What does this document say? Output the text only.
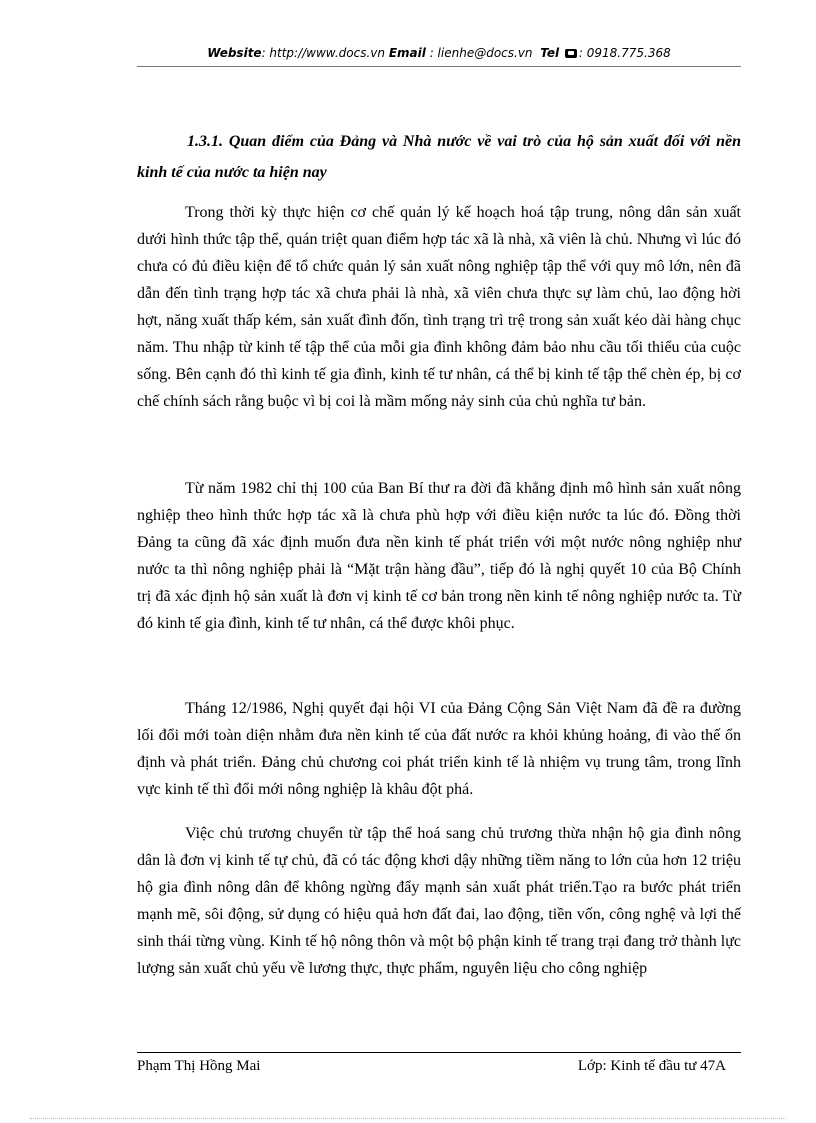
Website: http://www.docs.vn Email : lienhe@docs.vn Tel : 0918.775.368
1.3.1. Quan điểm của Đảng và Nhà nước về vai trò của hộ sản xuất đối với nền kinh tế của nước ta hiện nay

Trong thời kỳ thực hiện cơ chế quản lý kế hoạch hoá tập trung, nông dân sản xuất dưới hình thức tập thể, quán triệt quan điểm hợp tác xã là nhà, xã viên là chủ. Nhưng vì lúc đó chưa có đủ điều kiện để tổ chức quản lý sản xuất nông nghiệp tập thể với quy mô lớn, nên đã dẫn đến tình trạng hợp tác xã chưa phải là nhà, xã viên chưa thực sự làm chủ, lao động hời hợt, năng xuất thấp kém, sản xuất đình đốn, tình trạng trì trệ trong sản xuất kéo dài hàng chục năm. Thu nhập từ kinh tế tập thể của mỗi gia đình không đảm bảo nhu cầu tối thiểu của cuộc sống. Bên cạnh đó thì kinh tế gia đình, kinh tế tư nhân, cá thể bị kinh tế tập thể chèn ép, bị cơ chế chính sách rằng buộc vì bị coi là mầm mống nảy sinh của chủ nghĩa tư bản.

Từ năm 1982 chỉ thị 100 của Ban Bí thư ra đời đã khẳng định mô hình sản xuất nông nghiệp theo hình thức hợp tác xã là chưa phù hợp với điều kiện nước ta lúc đó. Đồng thời Đảng ta cũng đã xác định muốn đưa nền kinh tế phát triển với một nước nông nghiệp như nước ta thì nông nghiệp phải là “Mặt trận hàng đầu”, tiếp đó là nghị quyết 10 của Bộ Chính trị đã xác định hộ sản xuất là đơn vị kinh tế cơ bản trong nền kinh tế nông nghiệp nước ta. Từ đó kinh tế gia đình, kinh tế tư nhân, cá thể được khôi phục.

Tháng 12/1986, Nghị quyết đại hội VI của Đảng Cộng Sản Việt Nam đã đề ra đường lối đổi mới toàn diện nhằm đưa nền kinh tế của đất nước ra khỏi khủng hoảng, đi vào thế ổn định và phát triển. Đảng chủ chương coi phát triển kinh tế là nhiệm vụ trung tâm, trong lĩnh vực kinh tế thì đổi mới nông nghiệp là khâu đột phá.

Việc chủ trương chuyển từ tập thể hoá sang chủ trương thừa nhận hộ gia đình nông dân là đơn vị kinh tế tự chủ, đã có tác động khơi dậy những tiềm năng to lớn của hơn 12 triệu hộ gia đình nông dân để không ngừng đẩy mạnh sản xuất phát triển.Tạo ra bước phát triển mạnh mẽ, sôi động, sử dụng có hiệu quả hơn đất đai, lao động, tiền vốn, công nghệ và lợi thế sinh thái từng vùng. Kinh tế hộ nông thôn và một bộ phận kinh tế trang trại đang trở thành lực lượng sản xuất chủ yếu về lương thực, thực phẩm, nguyên liệu cho công nghiệp

Phạm Thị Hồng Mai	Lớp: Kinh tế đầu tư 47A
